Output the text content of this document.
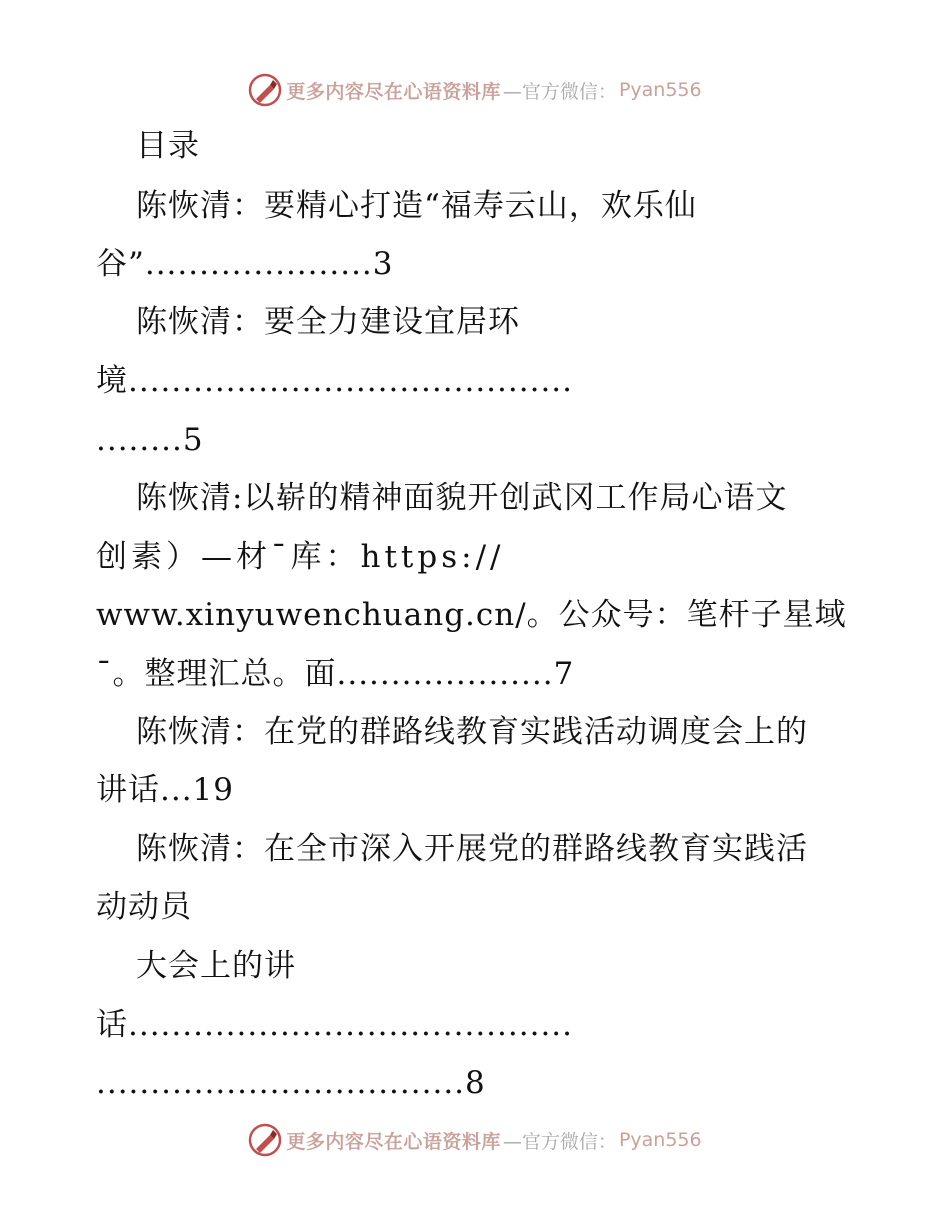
更多内容尽在心语资料库 —官方微信： Pyan556
目录
陈恢清：要精心打造“福寿云山，欢乐仙
谷”.....................3
陈恢清：要全力建设宜居环
境.........................................
........5
陈恢清:以崭的精神面貌开创武冈工作局心语文
创素）—材¯库：https://
www.xinyuwenchuang.cn/。公众号：笔杆子星域
¯。整理汇总。面....................7
陈恢清：在党的群路线教育实践活动调度会上的
讲话...19
陈恢清：在全市深入开展党的群路线教育实践活
动动员
大会上的讲
话.........................................
..................................8
更多内容尽在心语资料库 —官方微信： Pyan556
